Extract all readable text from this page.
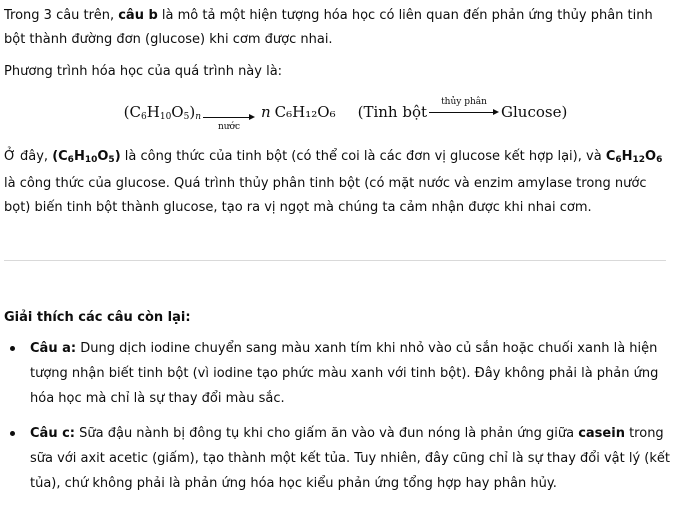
Trong 3 câu trên, câu b là mô tả một hiện tượng hóa học có liên quan đến phản ứng thủy phân tinh bột thành đường đơn (glucose) khi cơm được nhai.

Phương trình hóa học của quá trình này là:

$(C_6H_{10}O_5)_n$
nước
n C₆H₁₂O₆ (Tinh bột
thủy phân
Glucose)

Ở đây, (C6H10O5) là công thức của tinh bột (có thể coi là các đơn vị glucose kết hợp lại), và C6H12O6 là công thức của glucose. Quá trình thủy phân tinh bột (có mặt nước và enzim amylase trong nước bọt) biến tinh bột thành glucose, tạo ra vị ngọt mà chúng ta cảm nhận được khi nhai cơm.

Giải thích các câu còn lại:

Câu a: Dung dịch iodine chuyển sang màu xanh tím khi nhỏ vào củ sắn hoặc chuối xanh là hiện tượng nhận biết tinh bột (vì iodine tạo phức màu xanh với tinh bột). Đây không phải là phản ứng hóa học mà chỉ là sự thay đổi màu sắc.
Câu c: Sữa đậu nành bị đông tụ khi cho giấm ăn vào và đun nóng là phản ứng giữa casein trong sữa với axit acetic (giấm), tạo thành một kết tủa. Tuy nhiên, đây cũng chỉ là sự thay đổi vật lý (kết tủa), chứ không phải là phản ứng hóa học kiểu phản ứng tổng hợp hay phân hủy.
